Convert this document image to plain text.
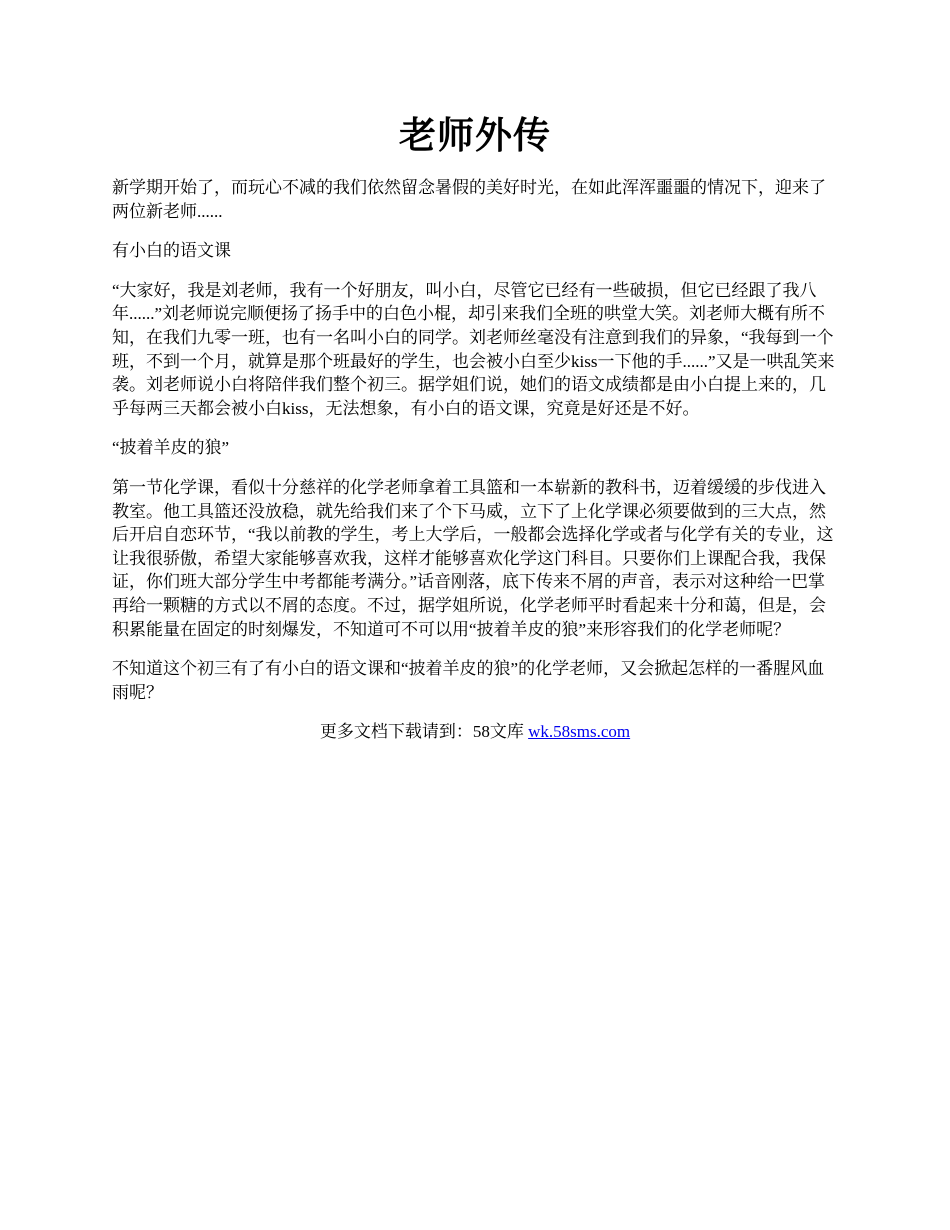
老师外传

新学期开始了，而玩心不减的我们依然留念暑假的美好时光，在如此浑浑噩噩的情况下，迎来了两位新老师......

有小白的语文课

“大家好，我是刘老师，我有一个好朋友，叫小白，尽管它已经有一些破损，但它已经跟了我八年......”刘老师说完顺便扬了扬手中的白色小棍，却引来我们全班的哄堂大笑。刘老师大概有所不知，在我们九零一班，也有一名叫小白的同学。刘老师丝毫没有注意到我们的异象，“我每到一个班，不到一个月，就算是那个班最好的学生，也会被小白至少kiss一下他的手......”又是一哄乱笑来袭。刘老师说小白将陪伴我们整个初三。据学姐们说，她们的语文成绩都是由小白提上来的，几乎每两三天都会被小白kiss，无法想象，有小白的语文课，究竟是好还是不好。

“披着羊皮的狼”

第一节化学课，看似十分慈祥的化学老师拿着工具篮和一本崭新的教科书，迈着缓缓的步伐进入教室。他工具篮还没放稳，就先给我们来了个下马威，立下了上化学课必须要做到的三大点，然后开启自恋环节，“我以前教的学生，考上大学后，一般都会选择化学或者与化学有关的专业，这让我很骄傲，希望大家能够喜欢我，这样才能够喜欢化学这门科目。只要你们上课配合我，我保证，你们班大部分学生中考都能考满分。”话音刚落，底下传来不屑的声音，表示对这种给一巴掌再给一颗糖的方式以不屑的态度。不过，据学姐所说，化学老师平时看起来十分和蔼，但是，会积累能量在固定的时刻爆发，不知道可不可以用“披着羊皮的狼”来形容我们的化学老师呢？

不知道这个初三有了有小白的语文课和“披着羊皮的狼”的化学老师，又会掀起怎样的一番腥风血雨呢？

更多文档下载请到：58文库 wk.58sms.com
